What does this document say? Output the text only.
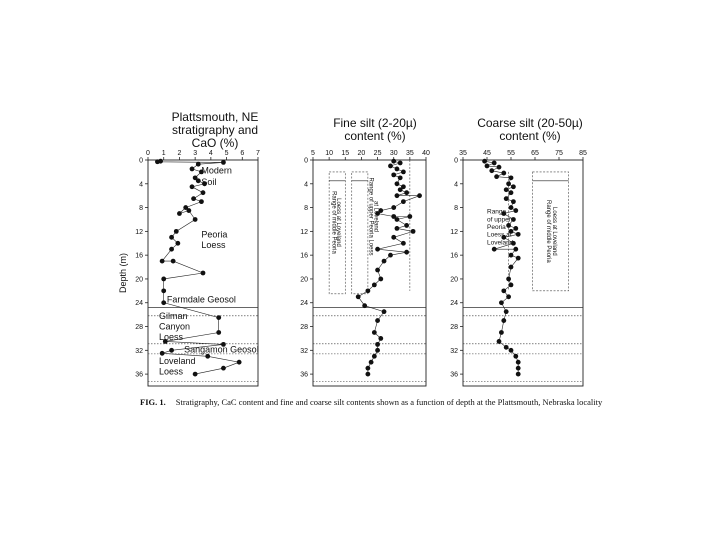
Plattsmouth, NE
stratigraphy and
CaO (%)
Fine silt (2-20µ)
content (%)
Coarse silt (20-50µ)
content (%)
0 1 2 3 4 5 6 7
0
4
8
12
16
20
24
28
32
36
Depth (m)
Modern
Soil
Peoria
Loess
Farmdale Geosol
Gilman
Canyon
Loess
Sangamon Geosol
Loveland
Loess
5 10 15 20 25 30 35 40
0
4
8
12
16
20
24
28
32
36
Range of middle Peoria
Loess at Loveland	Range of upper Peoria Loess
at Loveland
35 45 55 65 75 85
0
4
8
12
16
20
24
28
32
36
Range
of upper
Peoria
Loess at
Loveland	Range of middle Peoria Loess at Loveland
FIG. 1. Stratigraphy, CaC content and fine and coarse silt contents shown as a function of depth at the Plattsmouth, Nebraska locality
